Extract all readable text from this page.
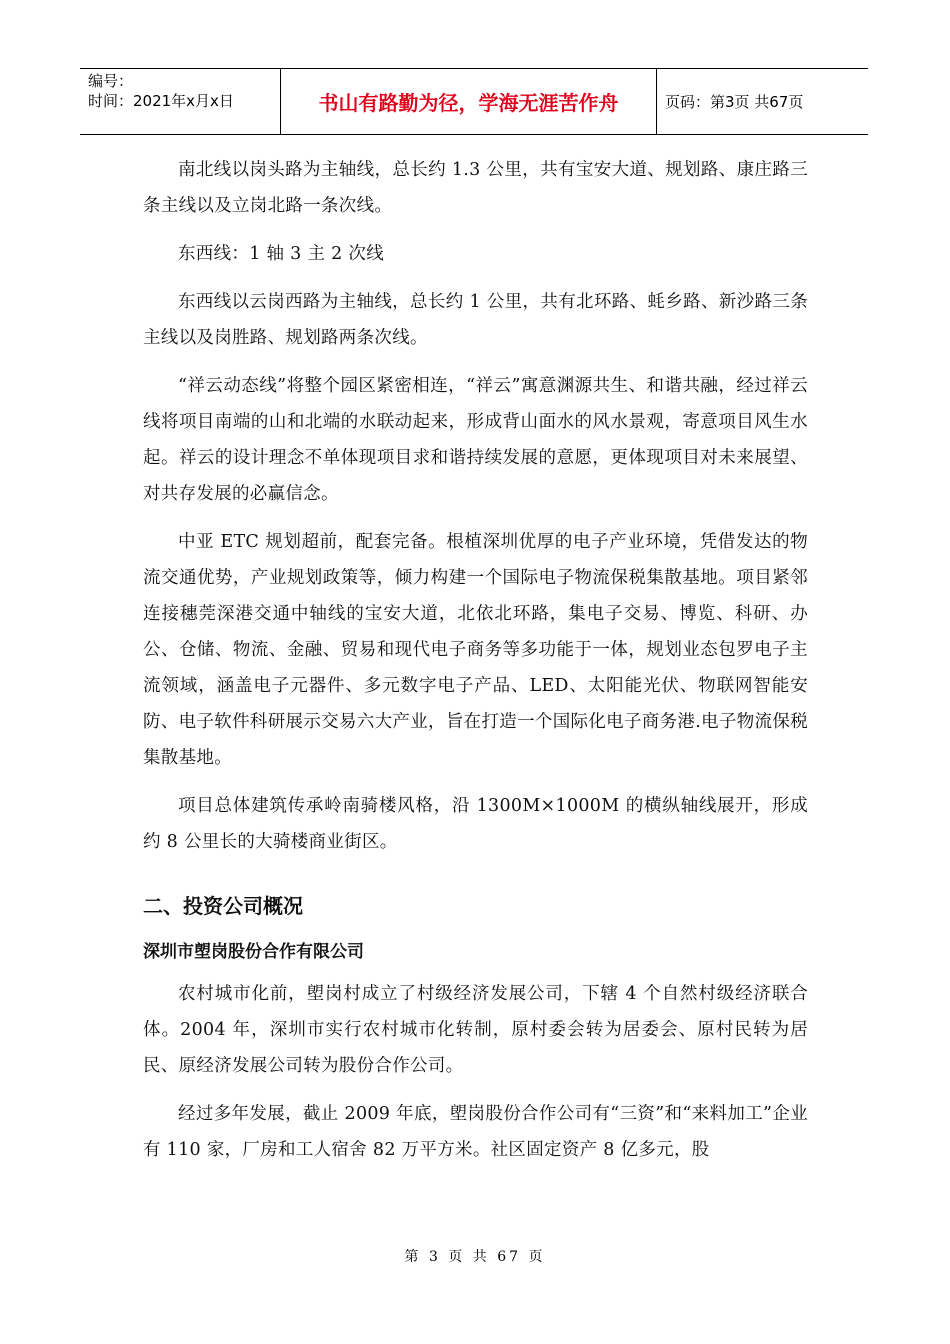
编号：
时间：2021年x月x日	书山有路勤为径，学海无涯苦作舟	页码：第3页 共67页

南北线以岗头路为主轴线，总长约 1.3 公里，共有宝安大道、规划路、康庄路三条主线以及立岗北路一条次线。

东西线：1 轴 3 主 2 次线

东西线以云岗西路为主轴线，总长约 1 公里，共有北环路、蚝乡路、新沙路三条主线以及岗胜路、规划路两条次线。

“祥云动态线”将整个园区紧密相连，“祥云”寓意渊源共生、和谐共融，经过祥云线将项目南端的山和北端的水联动起来，形成背山面水的风水景观，寄意项目风生水起。祥云的设计理念不单体现项目求和谐持续发展的意愿，更体现项目对未来展望、对共存发展的必赢信念。

中亚 ETC 规划超前，配套完备。根植深圳优厚的电子产业环境，凭借发达的物流交通优势，产业规划政策等，倾力构建一个国际电子物流保税集散基地。项目紧邻连接穗莞深港交通中轴线的宝安大道，北依北环路，集电子交易、博览、科研、办公、仓储、物流、金融、贸易和现代电子商务等多功能于一体，规划业态包罗电子主流领域，涵盖电子元器件、多元数字电子产品、LED、太阳能光伏、物联网智能安防、电子软件科研展示交易六大产业，旨在打造一个国际化电子商务港.电子物流保税集散基地。

项目总体建筑传承岭南骑楼风格，沿 1300M×1000M 的横纵轴线展开，形成约 8 公里长的大骑楼商业街区。

二、投资公司概况
深圳市塱岗股份合作有限公司

农村城市化前，塱岗村成立了村级经济发展公司，下辖 4 个自然村级经济联合体。2004 年，深圳市实行农村城市化转制，原村委会转为居委会、原村民转为居民、原经济发展公司转为股份合作公司。

经过多年发展，截止 2009 年底，塱岗股份合作公司有“三资”和“来料加工”企业有 110 家，厂房和工人宿舍 82 万平方米。社区固定资产 8 亿多元，股

第 3 页 共 67 页
